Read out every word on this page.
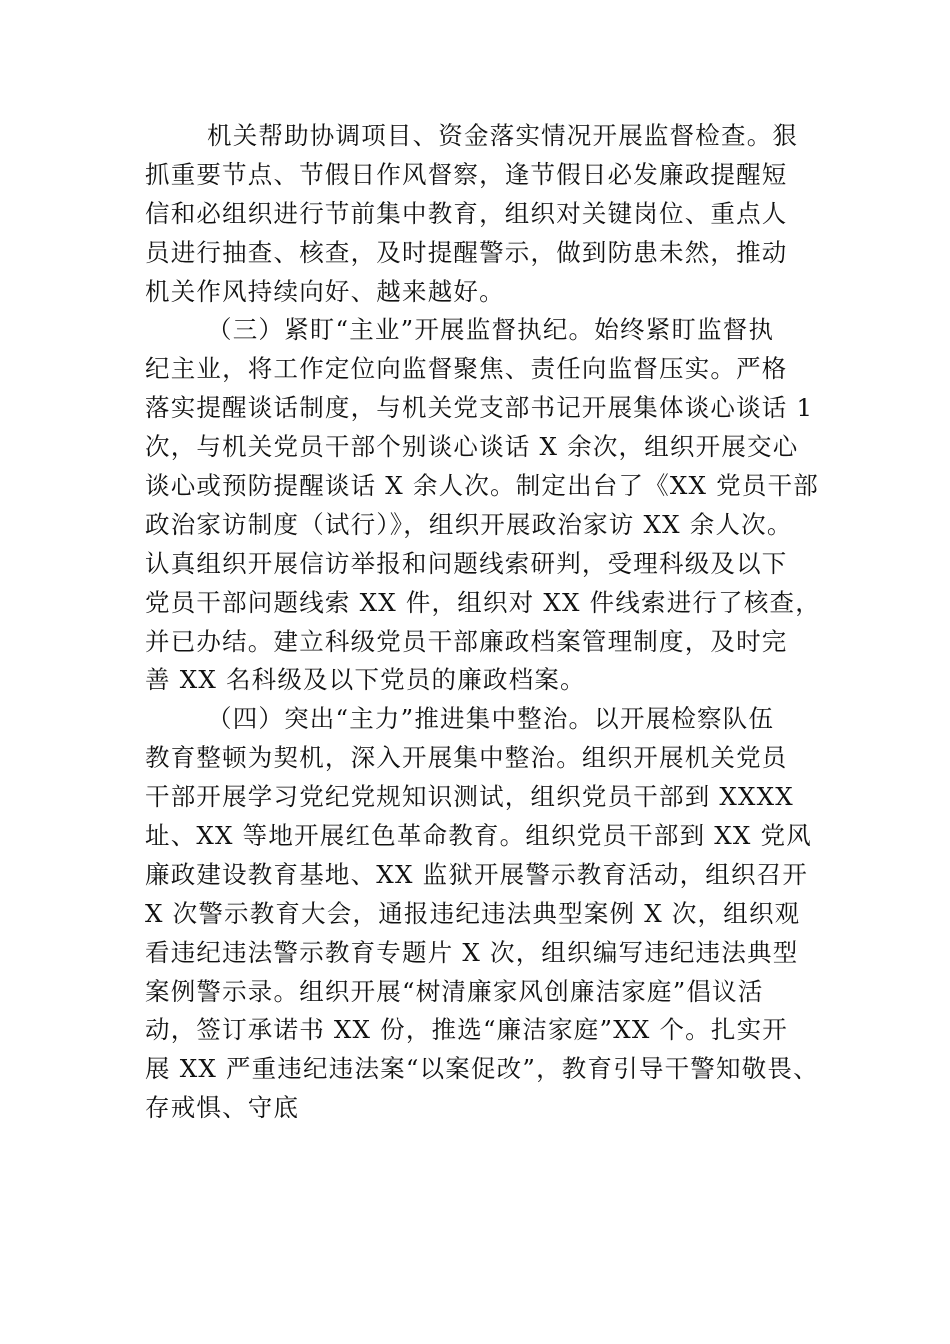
机关帮助协调项目、资金落实情况开展监督检查。狠
抓重要节点、节假日作风督察，逢节假日必发廉政提醒短
信和必组织进行节前集中教育，组织对关键岗位、重点人
员进行抽查、核查，及时提醒警示，做到防患未然，推动
机关作风持续向好、越来越好。
（三）紧盯“主业”开展监督执纪。始终紧盯监督执
纪主业，将工作定位向监督聚焦、责任向监督压实。严格
落实提醒谈话制度，与机关党支部书记开展集体谈心谈话 1
次，与机关党员干部个别谈心谈话 X 余次，组织开展交心
谈心或预防提醒谈话 X 余人次。制定出台了《XX 党员干部
政治家访制度（试行）》，组织开展政治家访 XX 余人次。
认真组织开展信访举报和问题线索研判，受理科级及以下
党员干部问题线索 XX 件，组织对 XX 件线索进行了核查，
并已办结。建立科级党员干部廉政档案管理制度，及时完
善 XX 名科级及以下党员的廉政档案。
（四）突出“主力”推进集中整治。以开展检察队伍
教育整顿为契机，深入开展集中整治。组织开展机关党员
干部开展学习党纪党规知识测试，组织党员干部到 XXXX
址、XX 等地开展红色革命教育。组织党员干部到 XX 党风
廉政建设教育基地、XX 监狱开展警示教育活动，组织召开
X 次警示教育大会，通报违纪违法典型案例 X 次，组织观
看违纪违法警示教育专题片 X 次，组织编写违纪违法典型
案例警示录。组织开展“树清廉家风创廉洁家庭”倡议活
动，签订承诺书 XX 份，推选“廉洁家庭”XX 个。扎实开
展 XX 严重违纪违法案“以案促改”，教育引导干警知敬畏、
存戒惧、守底
